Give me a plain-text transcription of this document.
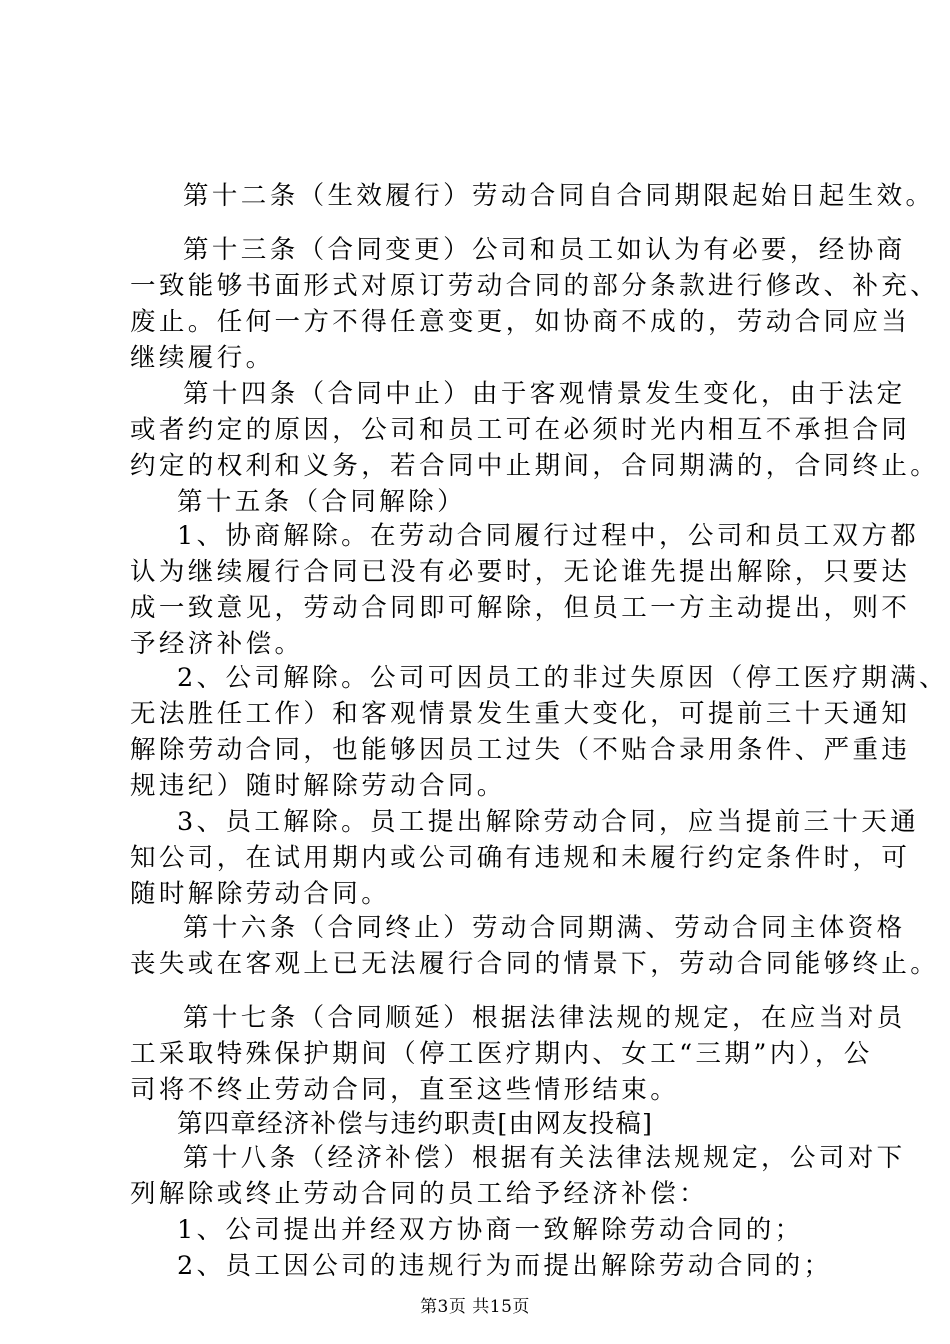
第十二条（生效履行）劳动合同自合同期限起始日起生效。
第十三条（合同变更）公司和员工如认为有必要，经协商
一致能够书面形式对原订劳动合同的部分条款进行修改、补充、
废止。任何一方不得任意变更，如协商不成的，劳动合同应当
继续履行。
第十四条（合同中止）由于客观情景发生变化，由于法定
或者约定的原因，公司和员工可在必须时光内相互不承担合同
约定的权利和义务，若合同中止期间，合同期满的，合同终止。
第十五条（合同解除）
1、协商解除。在劳动合同履行过程中，公司和员工双方都
认为继续履行合同已没有必要时，无论谁先提出解除，只要达
成一致意见，劳动合同即可解除，但员工一方主动提出，则不
予经济补偿。
2、公司解除。公司可因员工的非过失原因（停工医疗期满、
无法胜任工作）和客观情景发生重大变化，可提前三十天通知
解除劳动合同，也能够因员工过失（不贴合录用条件、严重违
规违纪）随时解除劳动合同。
3、员工解除。员工提出解除劳动合同，应当提前三十天通
知公司，在试用期内或公司确有违规和未履行约定条件时，可
随时解除劳动合同。
第十六条（合同终止）劳动合同期满、劳动合同主体资格
丧失或在客观上已无法履行合同的情景下，劳动合同能够终止。
第十七条（合同顺延）根据法律法规的规定，在应当对员
工采取特殊保护期间（停工医疗期内、女工“三期”内），公
司将不终止劳动合同，直至这些情形结束。
第四章经济补偿与违约职责[由网友投稿]
第十八条（经济补偿）根据有关法律法规规定，公司对下
列解除或终止劳动合同的员工给予经济补偿：
1、公司提出并经双方协商一致解除劳动合同的；
2、员工因公司的违规行为而提出解除劳动合同的；
第3页 共15页
